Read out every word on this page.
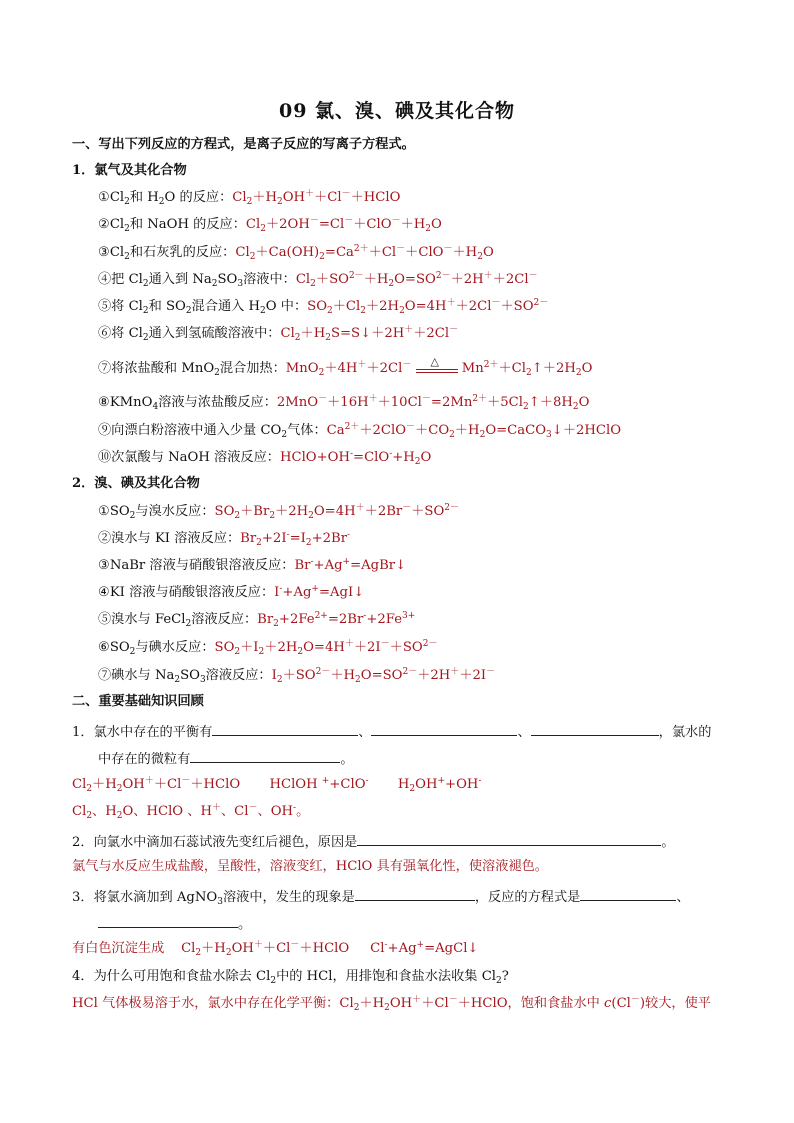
09 氯、溴、碘及其化合物
一、写出下列反应的方程式，是离子反应的写离子方程式。
1．氯气及其化合物
$①Cl_2$和 $H_2O$ 的反应：$Cl_2+H_2OH^++Cl^-+HClO$
$②Cl_2$和 NaOH 的反应：$Cl_2+2OH^-=Cl^-+ClO^-+H_2O$
$③Cl_2$和石灰乳的反应：$Cl_2+Ca(OH)_2=Ca^{2+}+Cl^-+ClO^-+H_2O$
④把 $Cl_2$通入到 $Na_2SO_3$溶液中：$Cl_2+SO^{2-}+H_2O=SO^{2-}+2H^++2Cl^-$
⑤将 $Cl_2$和 $SO_2$混合通入 $H_2O$ 中：$SO_2+Cl_2+2H_2O=4H^++2Cl^-+SO^{2-}$
⑥将 $Cl_2$通入到氢硫酸溶液中：$Cl_2+H_2S=S↓+2H^++2Cl^-$
⑦将浓盐酸和 MnO$_2$混合加热：MnO$_2$＋4H＋＋2Cl－ △ $Mn^{2+}+Cl_2↑+2H_2O$
⑧KMnO$_4$溶液与浓盐酸反应：$2MnO^-+16H^++10Cl^-=2Mn^{2+}+5Cl_2↑+8H_2O$
⑨向漂白粉溶液中通入少量 $CO_2$气体：$Ca^{2+}+2ClO^-+CO_2+H_2O=CaCO_3↓+2HClO$
⑩次氯酸与 NaOH 溶液反应：$HClO+OH^-=ClO^-+H_2O$
2．溴、碘及其化合物
$①SO_2$与溴水反应：$SO_2+Br_2+2H_2O=4H^++2Br^-+SO^{2-}$
②溴水与 KI 溶液反应：$Br_2+2I^-=I_2+2Br^-$
③NaBr 溶液与硝酸银溶液反应：Br-+Ag+=AgBr↓
④KI 溶液与硝酸银溶液反应：I-+Ag+=AgI↓
⑤溴水与 FeCl$_2$溶液反应：$Br_2+2Fe^{2+}=2Br^-+2Fe^{3+}$
$⑥SO_2$与碘水反应：$SO_2+I_2+2H_2O=4H^++2I^-+SO^{2-}$
⑦碘水与 $Na_2SO_3$溶液反应：$I_2+SO^{2-}+H_2O=SO^{2-}+2H^++2I^-$
二、重要基础知识回顾
1．氯水中存在的平衡有	、	、	，氯水的
中存在的微粒有	。
$Cl_2+H_2OH^++Cl^-+HClO$       HClOH ++ClO-       $H_2OH^++OH^-$
$Cl_2$、$H_2O$、HClO 、H＋、Cl－、OH-。
2．向氯水中滴加石蕊试液先变红后褪色，原因是	。
氯气与水反应生成盐酸，呈酸性，溶液变红，HClO 具有强氧化性，使溶液褪色。
3．将氯水滴加到 AgNO$_3$溶液中，发生的现象是	，反应的方程式是	、
。
有白色沉淀生成    $Cl_2+H_2OH^++Cl^-+HClO$     Cl-+Ag+=AgCl↓
4．为什么可用饱和食盐水除去 $Cl_2$中的 HCl，用排饱和食盐水法收集 $Cl_2$?
HCl 气体极易溶于水，氯水中存在化学平衡：$Cl_2+H_2OH^++Cl^-+HClO$，饱和食盐水中 c(Cl－)较大，使平
